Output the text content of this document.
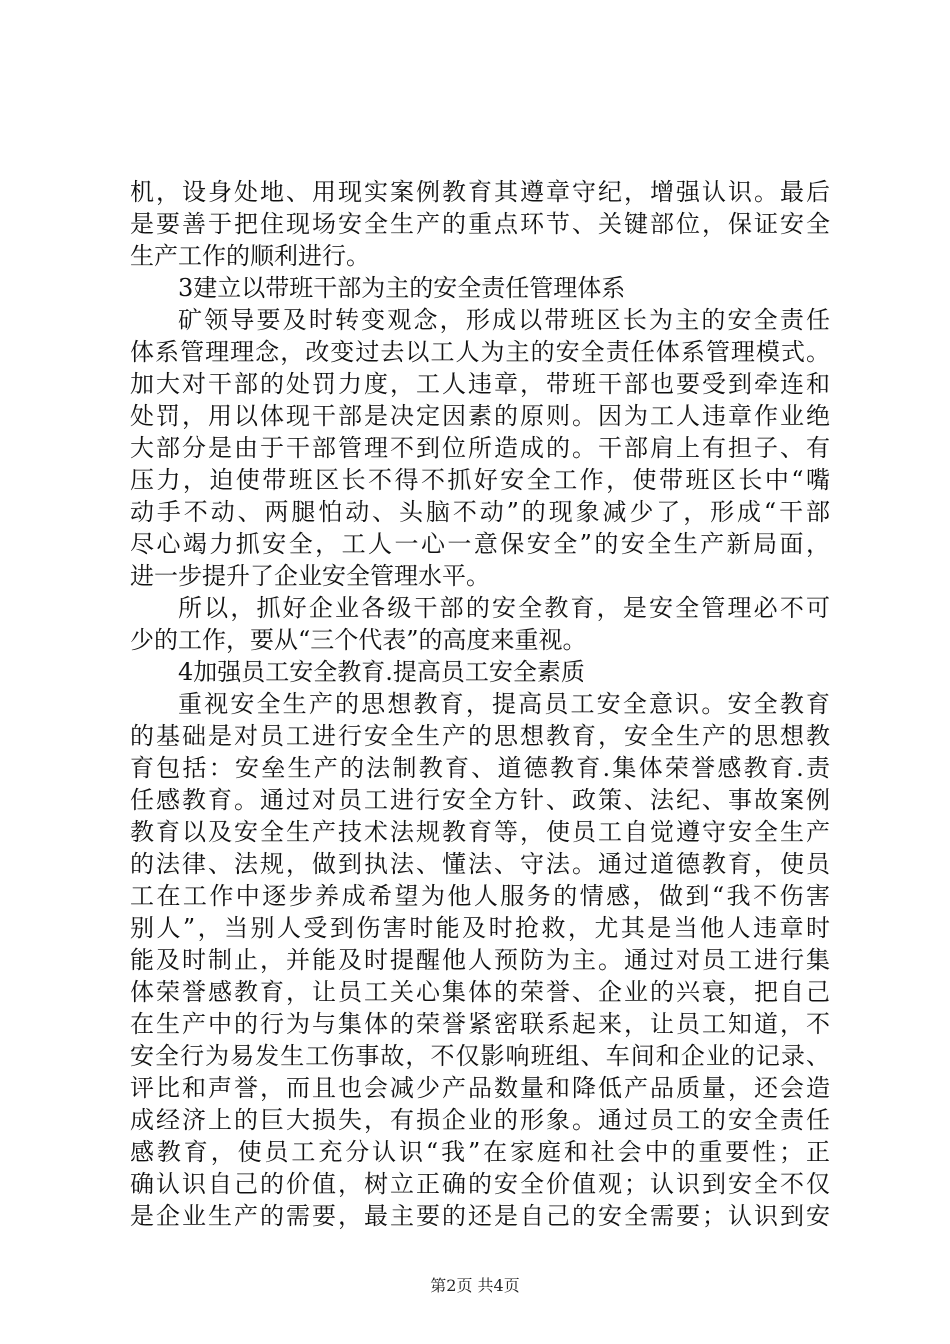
机，设身处地、用现实案例教育其遵章守纪，增强认识。最后
是要善于把住现场安全生产的重点环节、关键部位，保证安全
生产工作的顺利进行。
3建立以带班干部为主的安全责任管理体系
矿领导要及时转变观念，形成以带班区长为主的安全责任
体系管理理念，改变过去以工人为主的安全责任体系管理模式。
加大对干部的处罚力度，工人违章，带班干部也要受到牵连和
处罚，用以体现干部是决定因素的原则。因为工人违章作业绝
大部分是由于干部管理不到位所造成的。干部肩上有担子、有
压力，迫使带班区长不得不抓好安全工作，使带班区长中“嘴
动手不动、两腿怕动、头脑不动”的现象减少了，形成“干部
尽心竭力抓安全，工人一心一意保安全”的安全生产新局面，
进一步提升了企业安全管理水平。
所以，抓好企业各级干部的安全教育，是安全管理必不可
少的工作，要从“三个代表”的高度来重视。
4加强员工安全教育.提高员工安全素质
重视安全生产的思想教育，提高员工安全意识。安全教育
的基础是对员工进行安全生产的思想教育，安全生产的思想教
育包括：安垒生产的法制教育、道德教育.集体荣誉感教育.责
任感教育。通过对员工进行安全方针、政策、法纪、事故案例
教育以及安全生产技术法规教育等，使员工自觉遵守安全生产
的法律、法规，做到执法、懂法、守法。通过道德教育，使员
工在工作中逐步养成希望为他人服务的情感，做到“我不伤害
别人”，当别人受到伤害时能及时抢救，尤其是当他人违章时
能及时制止，并能及时提醒他人预防为主。通过对员工进行集
体荣誉感教育，让员工关心集体的荣誉、企业的兴衰，把自己
在生产中的行为与集体的荣誉紧密联系起来，让员工知道，不
安全行为易发生工伤事故，不仅影响班组、车间和企业的记录、
评比和声誉，而且也会减少产品数量和降低产品质量，还会造
成经济上的巨大损失，有损企业的形象。通过员工的安全责任
感教育，使员工充分认识“我”在家庭和社会中的重要性；正
确认识自己的价值，树立正确的安全价值观；认识到安全不仅
是企业生产的需要，最主要的还是自己的安全需要；认识到安
第2页 共4页
